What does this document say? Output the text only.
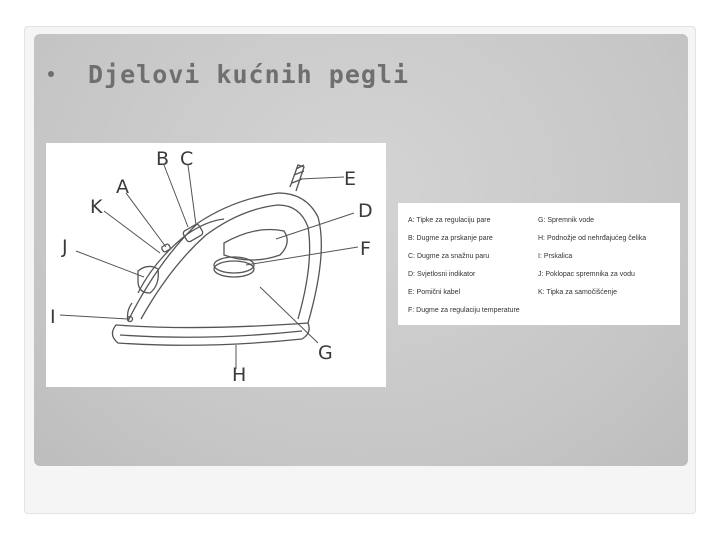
Djelovi kućnih pegli
B C
E
A
K	D
J	F
I
G
H
A: Tipke za regulaciju pare	G: Spremnik vode
B: Dugme za prskanje pare	H: Podnožje od nehrđajućeg čelika
C: Dugme za snažnu paru	I: Prskalica
D: Svjetlosni indikator	J: Poklopac spremnika za vodu
E: Pomični kabel	K: Tipka za samočišćenje
F: Dugme za regulaciju temperature
